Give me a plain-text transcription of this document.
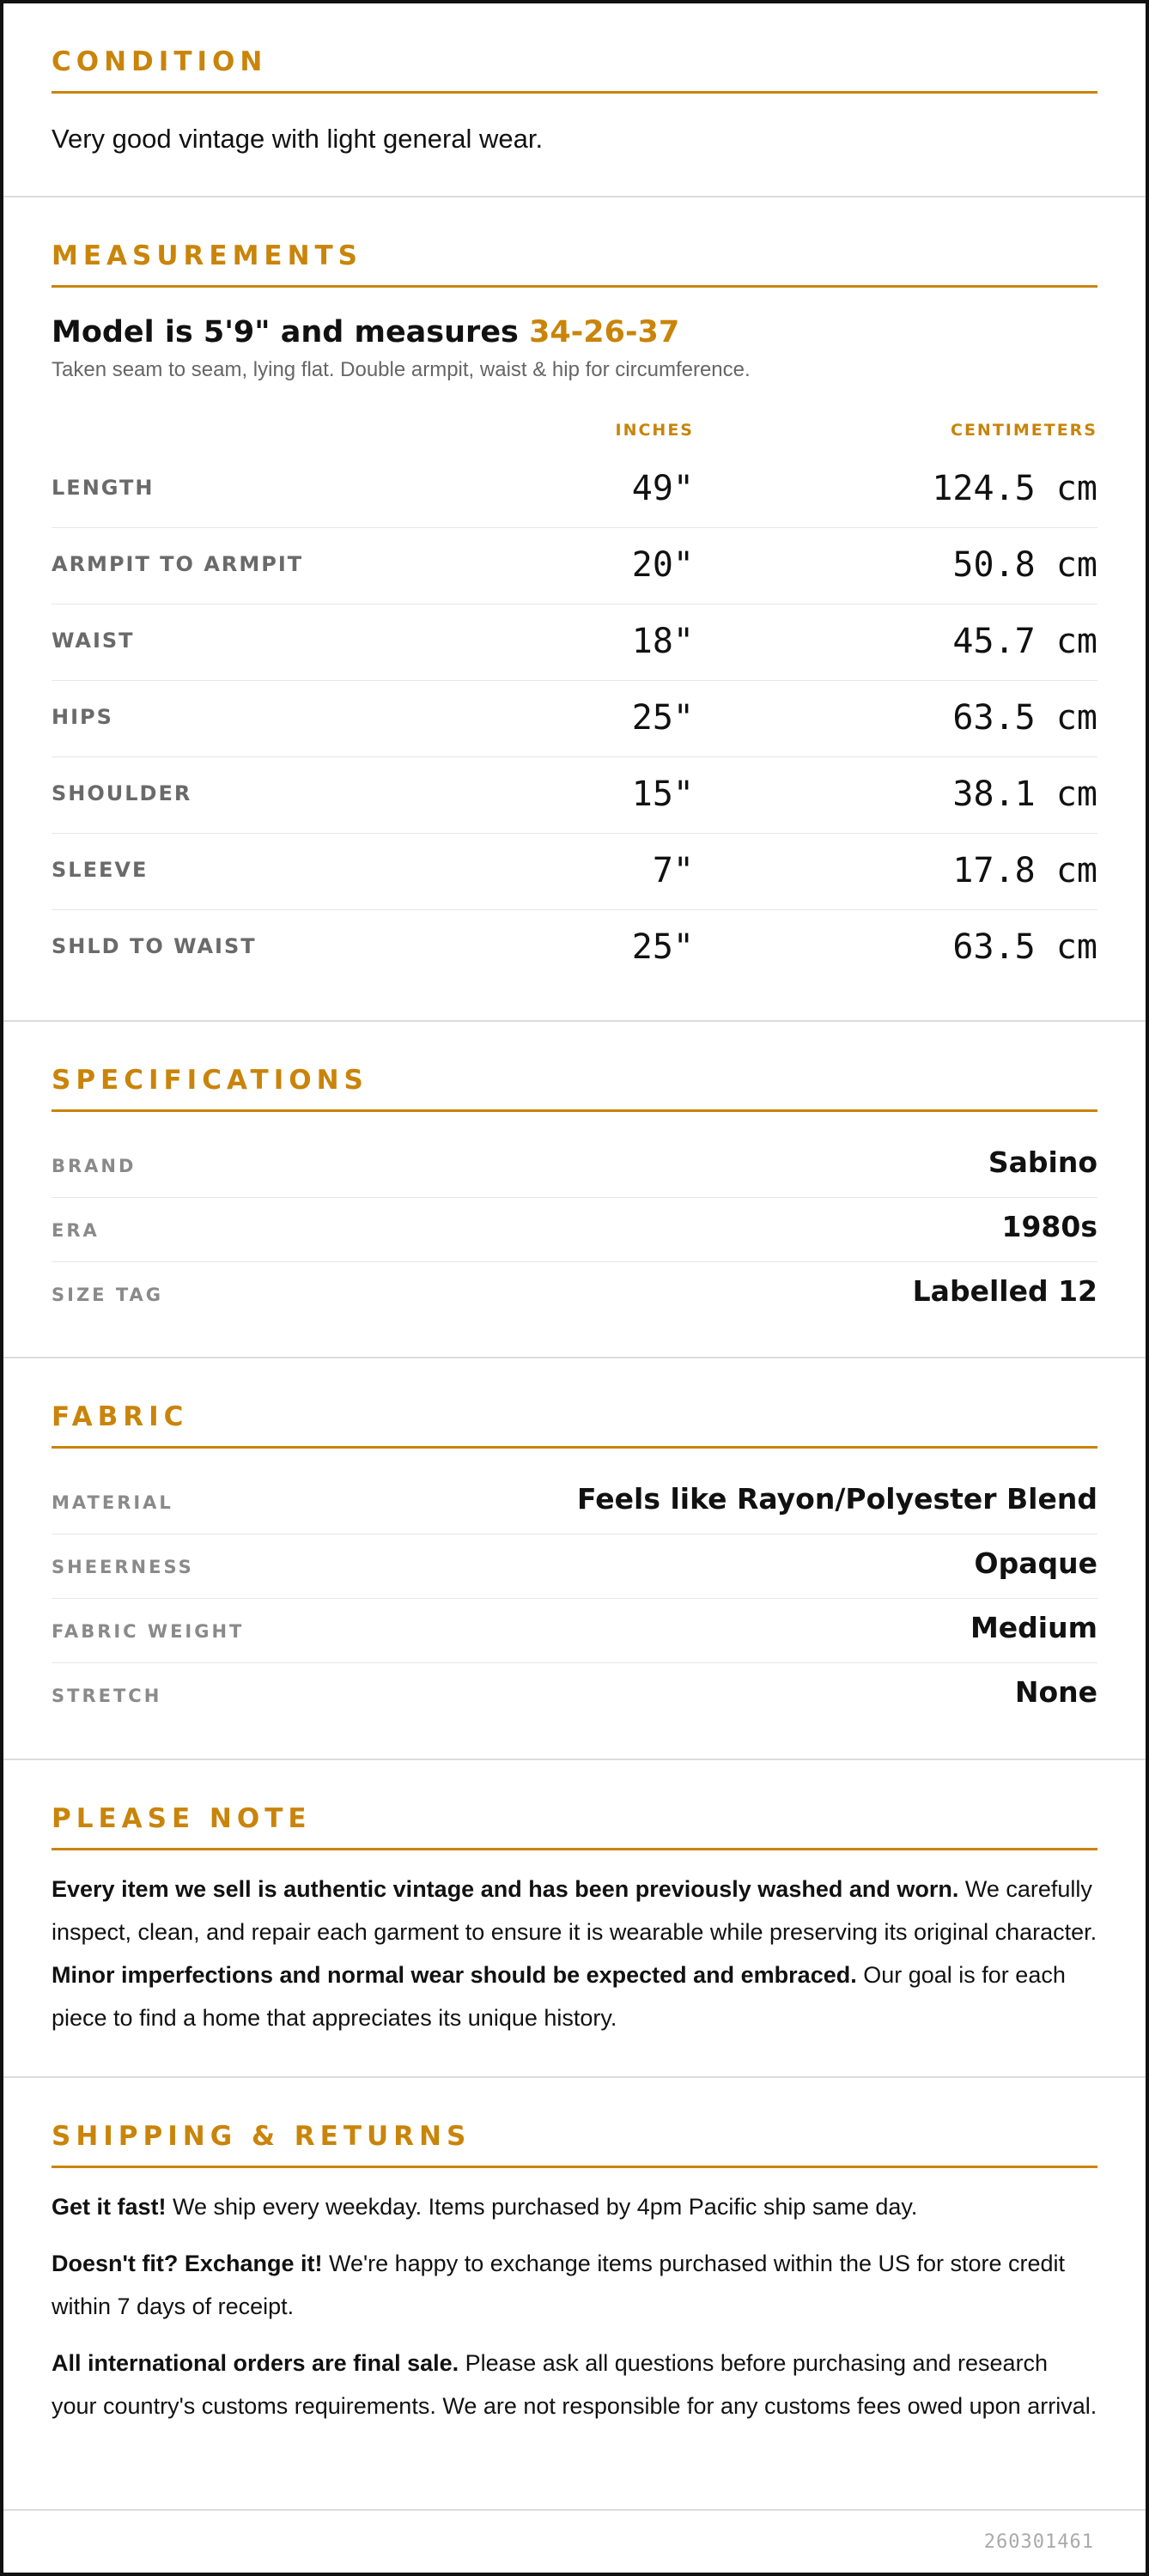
CONDITION
Very good vintage with light general wear.
MEASUREMENTS
Model is 5'9" and measures 34-26-37
Taken seam to seam, lying flat. Double armpit, waist & hip for circumference.
INCHES	CENTIMETERS
LENGTH	49"	124.5 cm
ARMPIT TO ARMPIT	20"	50.8 cm
WAIST	18"	45.7 cm
HIPS	25"	63.5 cm
SHOULDER	15"	38.1 cm
SLEEVE	7"	17.8 cm
SHLD TO WAIST	25"	63.5 cm
SPECIFICATIONS
BRAND	Sabino
ERA	1980s
SIZE TAG	Labelled 12
FABRIC
MATERIAL	Feels like Rayon/Polyester Blend
SHEERNESS	Opaque
FABRIC WEIGHT	Medium
STRETCH	None
PLEASE NOTE
Every item we sell is authentic vintage and has been previously washed and worn. We carefully inspect, clean, and repair each garment to ensure it is wearable while preserving its original character. Minor imperfections and normal wear should be expected and embraced. Our goal is for each piece to find a home that appreciates its unique history.
SHIPPING & RETURNS
Get it fast! We ship every weekday. Items purchased by 4pm Pacific ship same day.
Doesn't fit? Exchange it! We're happy to exchange items purchased within the US for store credit within 7 days of receipt.
All international orders are final sale. Please ask all questions before purchasing and research your country's customs requirements. We are not responsible for any customs fees owed upon arrival.
260301461
